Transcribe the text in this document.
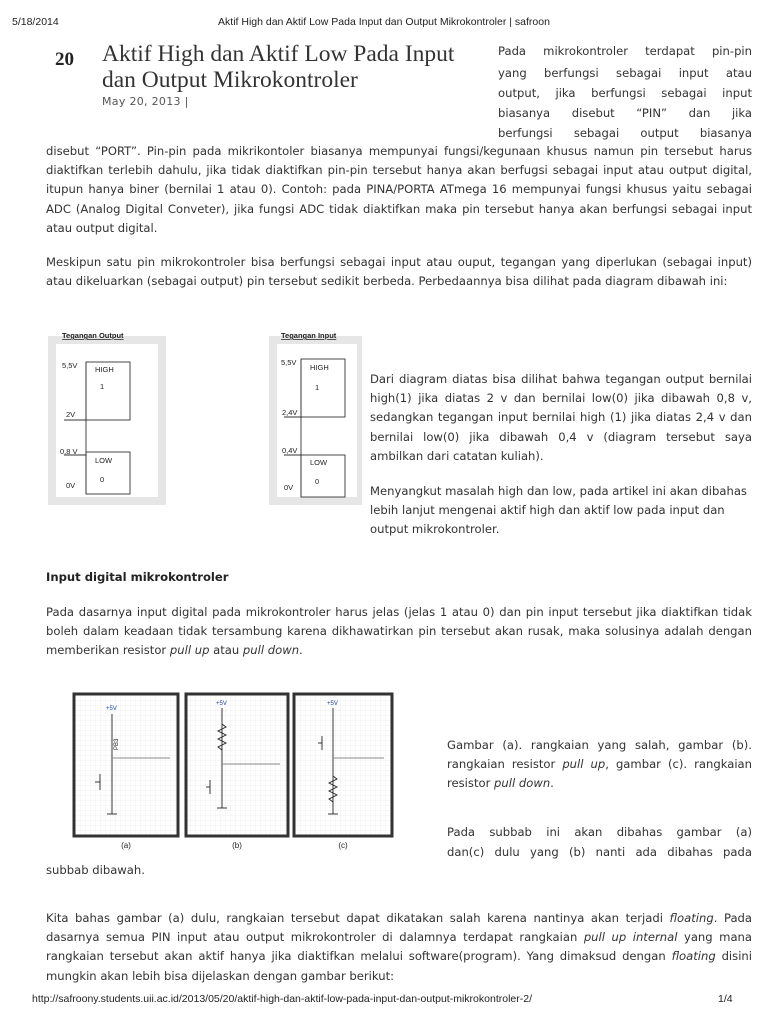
5/18/2014	Aktif High dan Aktif Low Pada Input dan Output Mikrokontroler | safroon
20 Aktif High dan Aktif Low Pada Input dan Output Mikrokontroler
May 20, 2013 |
Pada mikrokontroler terdapat pin-pin
yang berfungsi sebagai input atau
output, jika berfungsi sebagai input
biasanya disebut “PIN” dan jika
berfungsi sebagai output biasanya

disebut “PORT”. Pin-pin pada mikrikontoler biasanya mempunyai fungsi/kegunaan khusus namun pin tersebut harus diaktifkan terlebih dahulu, jika tidak diaktifkan pin-pin tersebut hanya akan berfugsi sebagai input atau output digital, itupun hanya biner (bernilai 1 atau 0). Contoh: pada PINA/PORTA ATmega 16 mempunyai fungsi khusus yaitu sebagai ADC (Analog Digital Conveter), jika fungsi ADC tidak diaktifkan maka pin tersebut hanya akan berfungsi sebagai input atau output digital.

Meskipun satu pin mikrokontroler bisa berfungsi sebagai input atau ouput, tegangan yang diperlukan (sebagai input) atau dikeluarkan (sebagai output) pin tersebut sedikit berbeda. Perbedaannya bisa dilihat pada diagram dibawah ini:

Tegangan Output
5,5V
2V
0,8 V
0V
HIGH
1
LOW
0
Tegangan Input
5,5V
2,4V
0,4V
0V
HIGH
1
LOW
0

Dari diagram diatas bisa dilihat bahwa tegangan output bernilai high(1) jika diatas 2 v dan bernilai low(0) jika dibawah 0,8 v, sedangkan tegangan input bernilai high (1) jika diatas 2,4 v dan bernilai low(0) jika dibawah 0,4 v (diagram tersebut saya ambilkan dari catatan kuliah).

Menyangkut masalah high dan low, pada artikel ini akan dibahas lebih lanjut mengenai aktif high dan aktif low pada input dan output mikrokontroler.

Input digital mikrokontroler

Pada dasarnya input digital pada mikrokontroler harus jelas (jelas 1 atau 0) dan pin input tersebut jika diaktifkan tidak boleh dalam keadaan tidak tersambung karena dikhawatirkan pin tersebut akan rusak, maka solusinya adalah dengan memberikan resistor pull up atau pull down.

+5V
PB3
+5V	+5V
(a)	(b)	(c)

Gambar (a). rangkaian yang salah, gambar (b). rangkaian resistor pull up, gambar (c). rangkaian resistor pull down.

Pada subbab ini akan dibahas gambar (a)
dan(c) dulu yang (b) nanti ada dibahas pada
subbab dibawah.

Kita bahas gambar (a) dulu, rangkaian tersebut dapat dikatakan salah karena nantinya akan terjadi floating. Pada dasarnya semua PIN input atau output mikrokontroler di dalamnya terdapat rangkaian pull up internal yang mana rangkaian tersebut akan aktif hanya jika diaktifkan melalui software(program). Yang dimaksud dengan floating disini mungkin akan lebih bisa dijelaskan dengan gambar berikut:

http://safroony.students.uii.ac.id/2013/05/20/aktif-high-dan-aktif-low-pada-input-dan-output-mikrokontroler-2/	1/4
